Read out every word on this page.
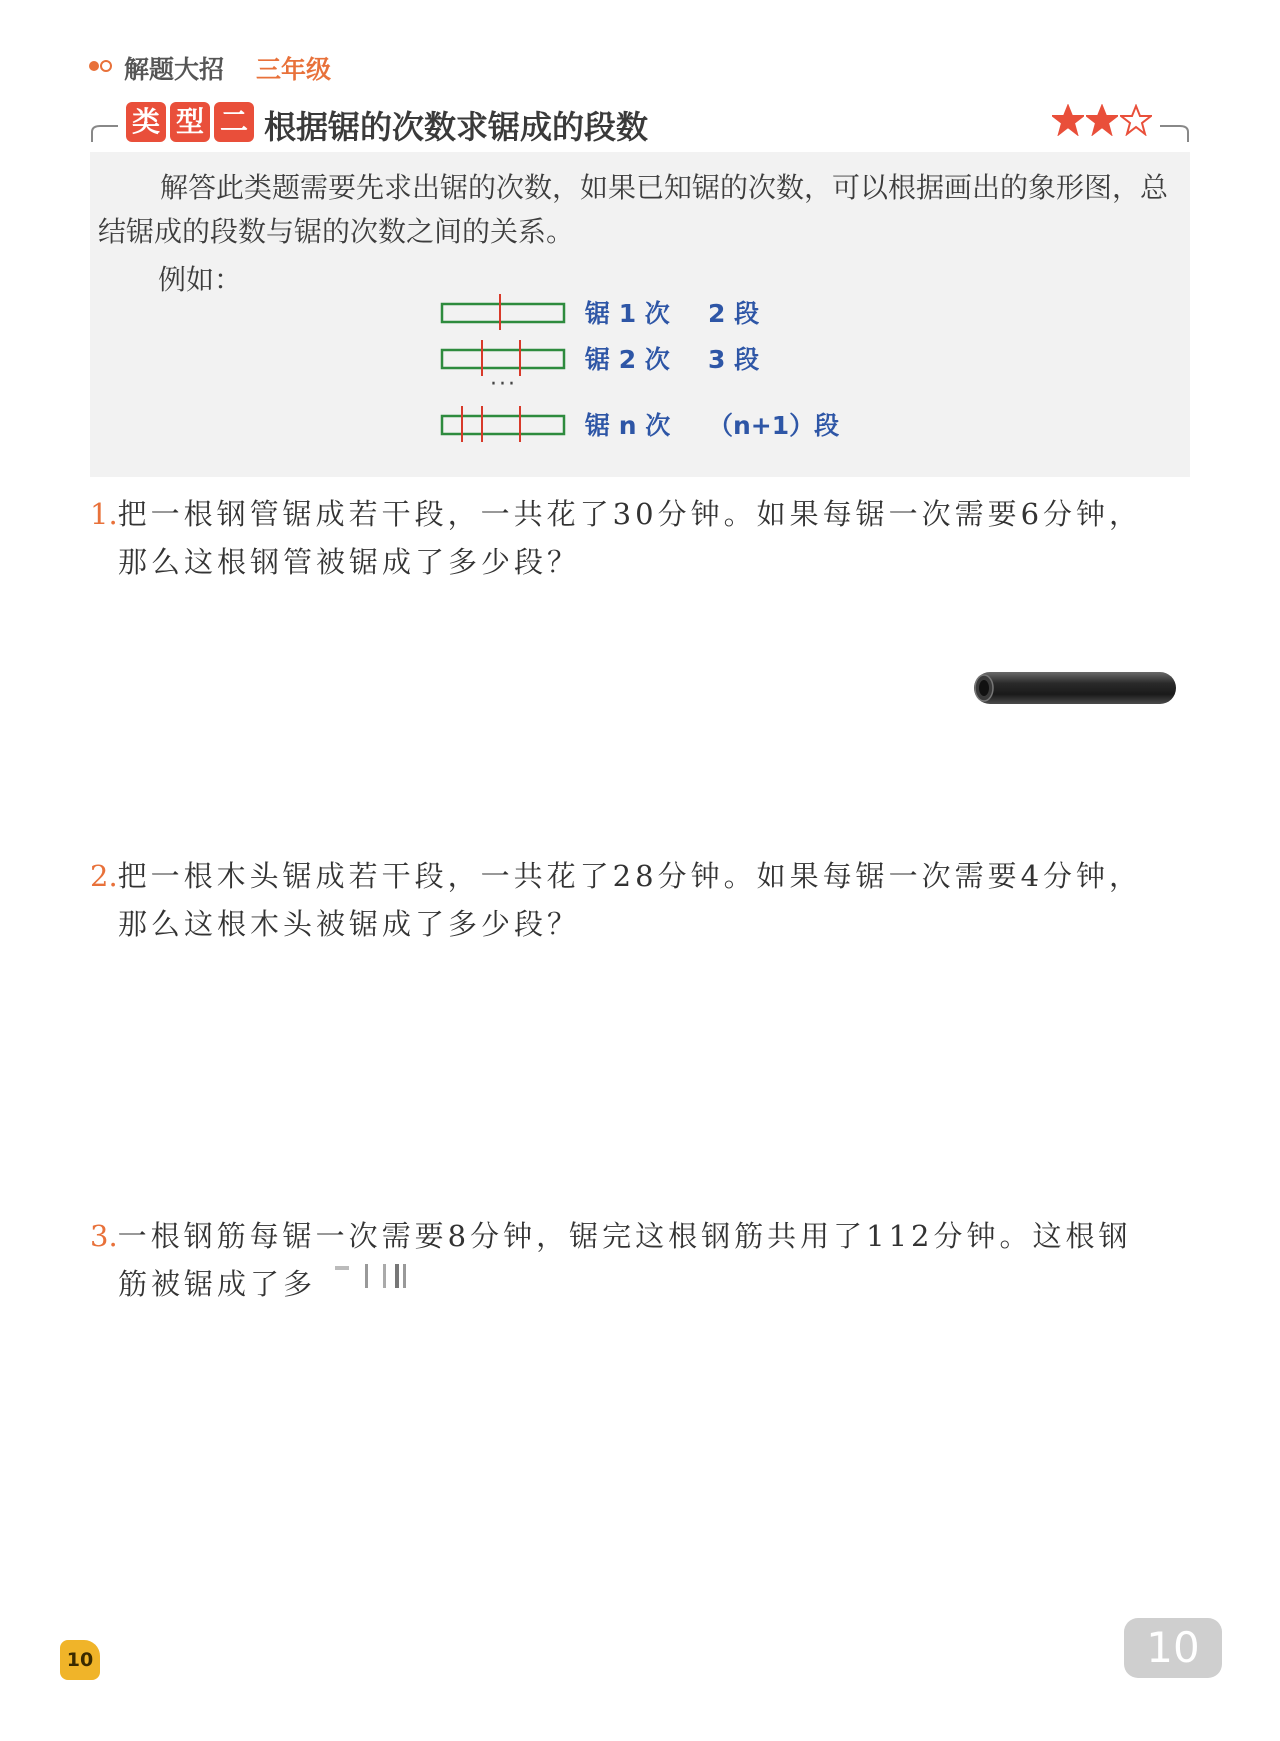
解题大招 三年级
类 型 二 根据锯的次数求锯成的段数
解答此类题需要先求出锯的次数，如果已知锯的次数，可以根据画出的象形图，总结锯成的段数与锯的次数之间的关系。
例如：
锯 1 次 2 段
锯 2 次 3 段
···
锯 n 次 （n+1）段
1.把一根钢管锯成若干段，一共花了30分钟。如果每锯一次需要6分钟，
那么这根钢管被锯成了多少段？
2.把一根木头锯成若干段，一共花了28分钟。如果每锯一次需要4分钟，
那么这根木头被锯成了多少段？
3.一根钢筋每锯一次需要8分钟，锯完这根钢筋共用了112分钟。这根钢
筋被锯成了多
10	10
